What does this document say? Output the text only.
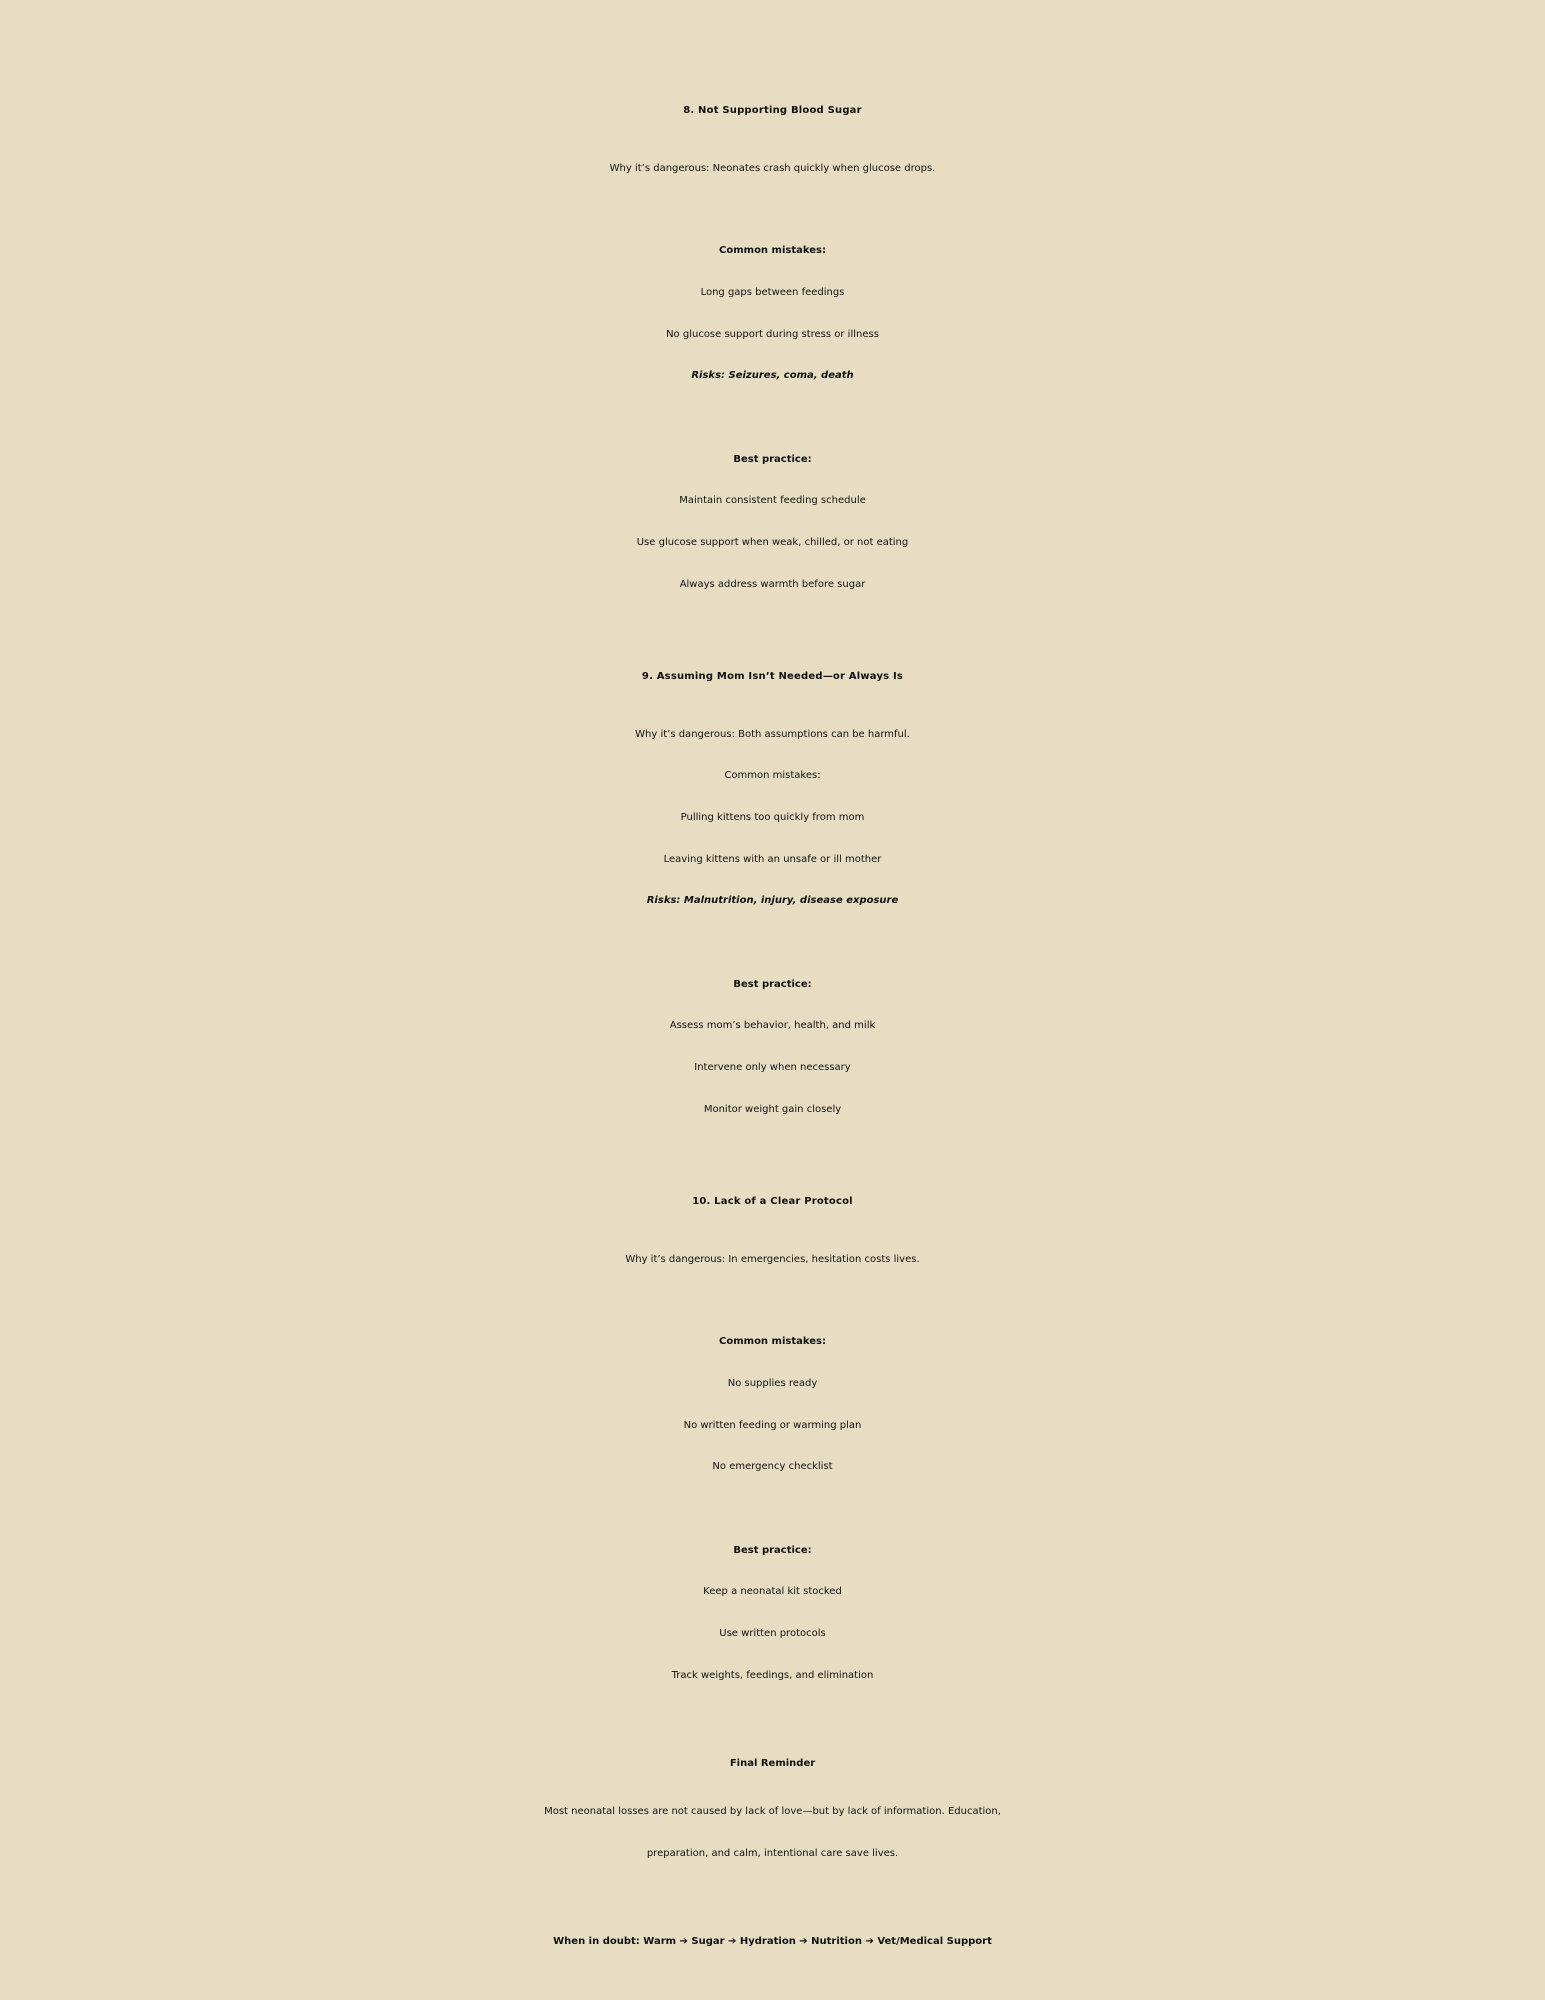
8. Not Supporting Blood Sugar
Why it’s dangerous: Neonates crash quickly when glucose drops.
Common mistakes:
Long gaps between feedings
No glucose support during stress or illness
Risks: Seizures, coma, death
Best practice:
Maintain consistent feeding schedule
Use glucose support when weak, chilled, or not eating
Always address warmth before sugar
9. Assuming Mom Isn’t Needed—or Always Is
Why it’s dangerous: Both assumptions can be harmful.
Common mistakes:
Pulling kittens too quickly from mom
Leaving kittens with an unsafe or ill mother
Risks: Malnutrition, injury, disease exposure
Best practice:
Assess mom’s behavior, health, and milk
Intervene only when necessary
Monitor weight gain closely
10. Lack of a Clear Protocol
Why it’s dangerous: In emergencies, hesitation costs lives.
Common mistakes:
No supplies ready
No written feeding or warming plan
No emergency checklist
Best practice:
Keep a neonatal kit stocked
Use written protocols
Track weights, feedings, and elimination
Final Reminder
Most neonatal losses are not caused by lack of love—but by lack of information. Education,
preparation, and calm, intentional care save lives.
When in doubt: Warm ➔ Sugar ➔ Hydration ➔ Nutrition ➔ Vet/Medical Support
